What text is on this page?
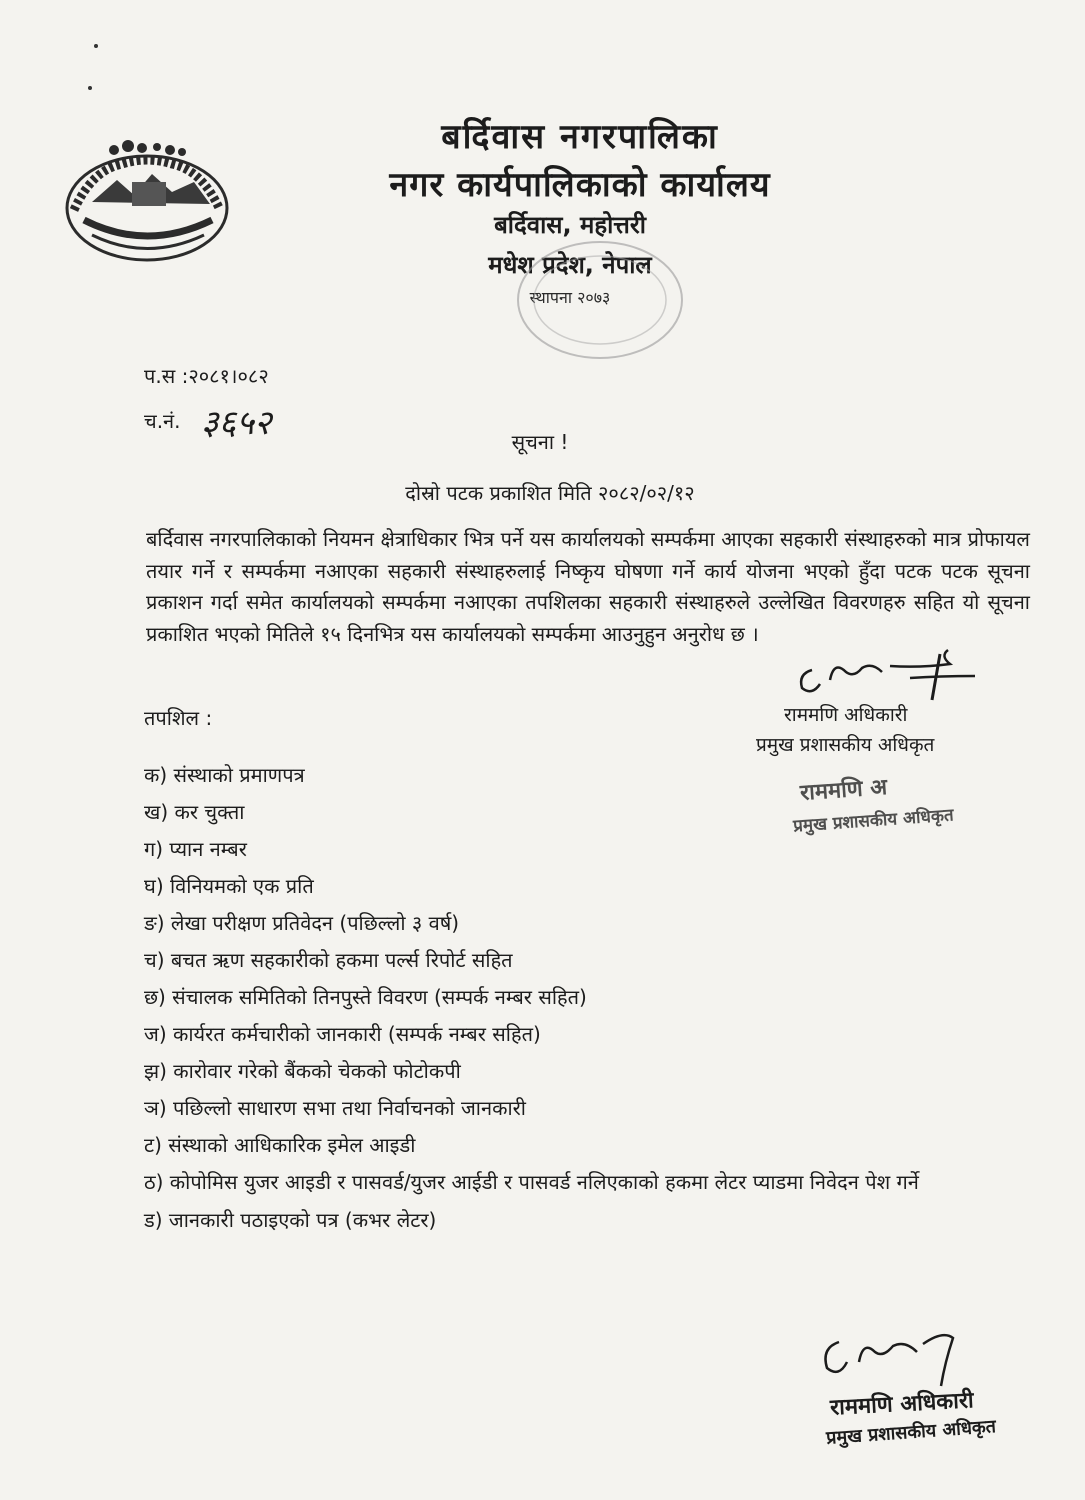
बर्दिवास नगरपालिका
नगर कार्यपालिकाको कार्यालय
बर्दिवास, महोत्तरी
मधेश प्रदेश, नेपाल
स्थापना २०७३
प.स :२०८१।०८२
च.नं. ३६५२	सूचना !
दोस्रो पटक प्रकाशित मिति २०८२/०२/१२
बर्दिवास नगरपालिकाको नियमन क्षेत्राधिकार भित्र पर्ने यस कार्यालयको सम्पर्कमा आएका सहकारी संस्थाहरुको मात्र प्रोफायल तयार गर्ने र सम्पर्कमा नआएका सहकारी संस्थाहरुलाई निष्कृय घोषणा गर्ने कार्य योजना भएको हुँदा पटक पटक सूचना प्रकाशन गर्दा समेत कार्यालयको सम्पर्कमा नआएका तपशिलका सहकारी संस्थाहरुले उल्लेखित विवरणहरु सहित यो सूचना प्रकाशित भएको मितिले १५ दिनभित्र यस कार्यालयको सम्पर्कमा आउनुहुन अनुरोध छ ।
राममणि अधिकारी
प्रमुख प्रशासकीय अधिकृत
राममणि अ
प्रमुख प्रशासकीय अधिकृत
तपशिल :
क) संस्थाको प्रमाणपत्र
ख) कर चुक्ता
ग) प्यान नम्बर
घ) विनियमको एक प्रति
ङ) लेखा परीक्षण प्रतिवेदन (पछिल्लो ३ वर्ष)
च) बचत ऋण सहकारीको हकमा पर्ल्स रिपोर्ट सहित
छ) संचालक समितिको तिनपुस्ते विवरण (सम्पर्क नम्बर सहित)
ज) कार्यरत कर्मचारीको जानकारी (सम्पर्क नम्बर सहित)
झ) कारोवार गरेको बैंकको चेकको फोटोकपी
ञ) पछिल्लो साधारण सभा तथा निर्वाचनको जानकारी
ट) संस्थाको आधिकारिक इमेल आइडी
ठ) कोपोमिस युजर आइडी र पासवर्ड/युजर आईडी र पासवर्ड नलिएकाको हकमा लेटर प्याडमा निवेदन पेश गर्ने
ड) जानकारी पठाइएको पत्र (कभर लेटर)
राममणि अधिकारी
प्रमुख प्रशासकीय अधिकृत
